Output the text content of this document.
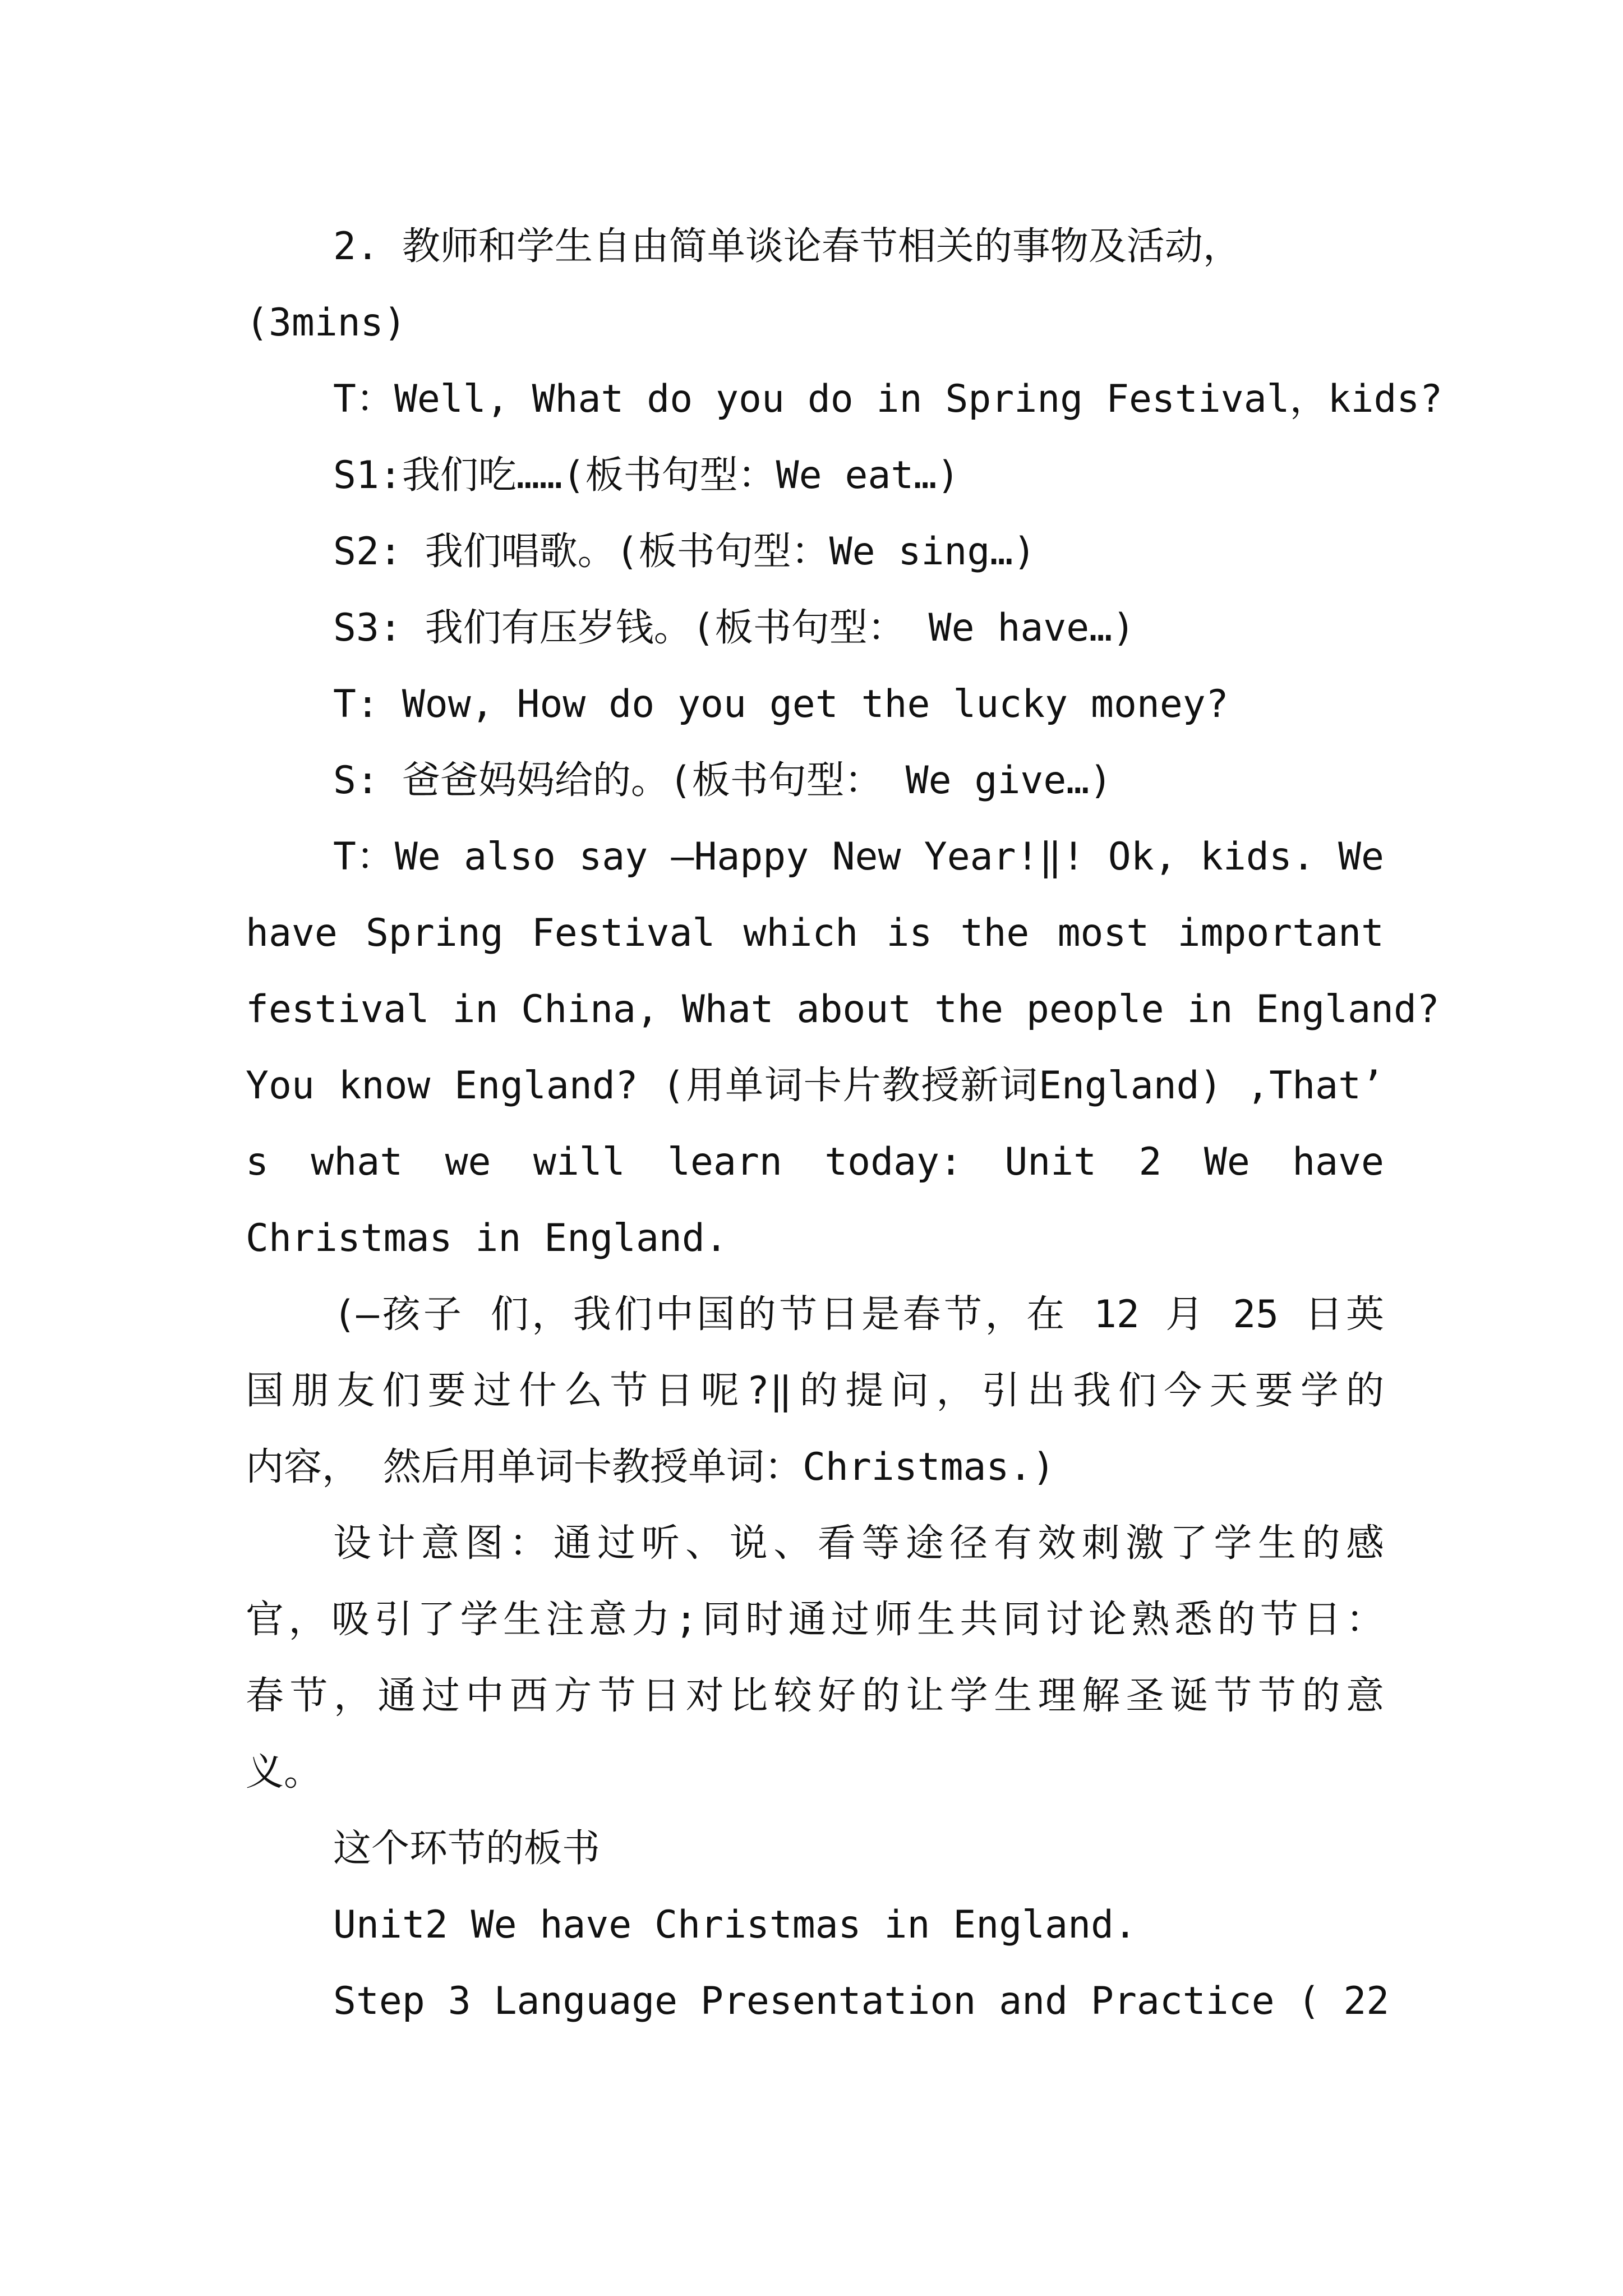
2. 教师和学生自由简单谈论春节相关的事物及活动，
(3mins)
T：Well, What do you do in Spring Festival，kids?
S1:我们吃……(板书句型：We eat…)
S2: 我们唱歌。(板书句型：We sing…)
S3: 我们有压岁钱。(板书句型： We have…)
T: Wow, How do you get the lucky money?
S: 爸爸妈妈给的。(板书句型： We give…)
T：We also say ―Happy New Year!‖! Ok, kids. We
have Spring Festival which is the most important
festival in China, What about the people in England?
You know England? (用单词卡片教授新词England) ,That’
s what we will learn today: Unit 2 We have
Christmas in England.
(―孩子 们，我们中国的节日是春节，在 12 月 25 日英
国朋友们要过什么节日呢?‖的提问，引出我们今天要学的
内容， 然后用单词卡教授单词：Christmas.)
设计意图：通过听、说、看等途径有效刺激了学生的感
官，吸引了学生注意力;同时通过师生共同讨论熟悉的节日：
春节，通过中西方节日对比较好的让学生理解圣诞节节的意
义。
这个环节的板书
Unit2 We have Christmas in England.
Step 3 Language Presentation and Practice ( 22
